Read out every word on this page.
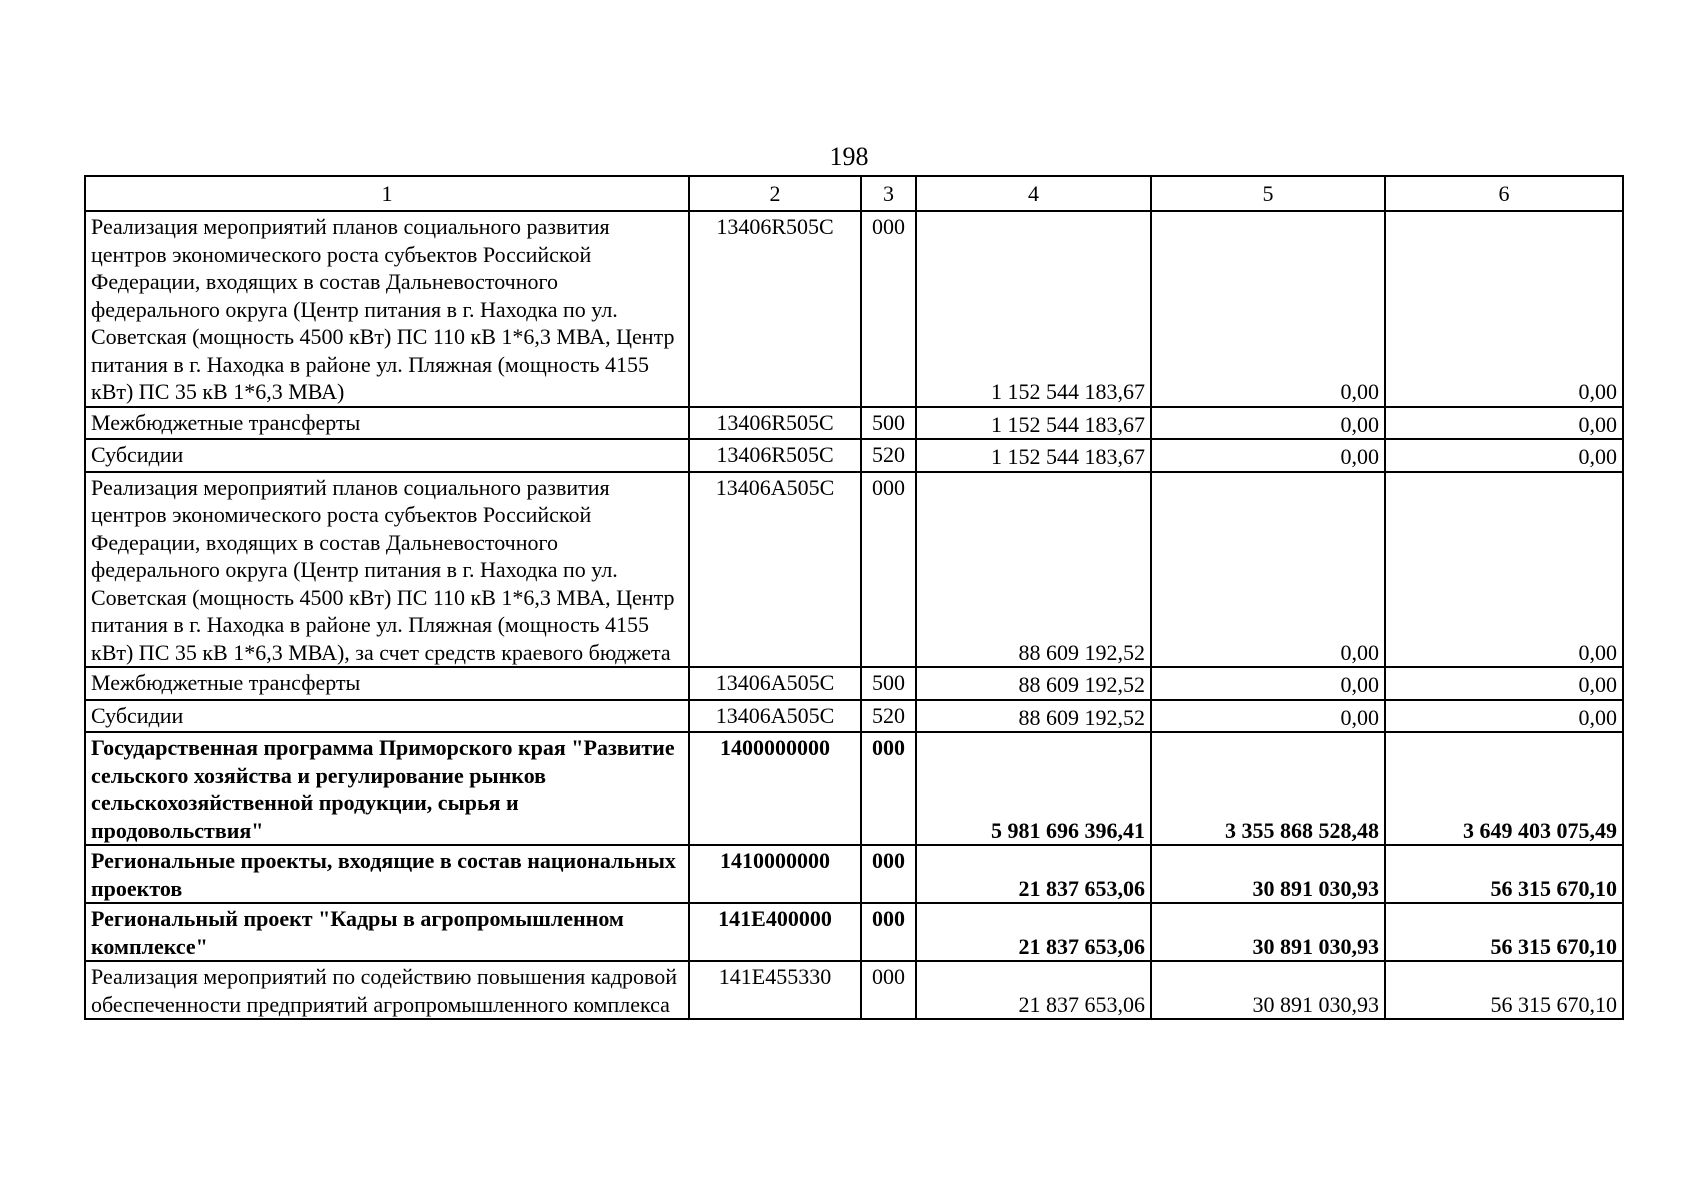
198
1	2	3	4	5	6
Реализация мероприятий планов социального развития центров экономического роста субъектов Российской Федерации, входящих в состав Дальневосточного федерального округа (Центр питания в г. Находка по ул. Советская (мощность 4500 кВт) ПС 110 кВ 1*6,3 МВА, Центр питания в г. Находка в районе ул. Пляжная (мощность 4155 кВт) ПС 35 кВ 1*6,3 МВА)	13406R505C	000	1 152 544 183,67	0,00	0,00
Межбюджетные трансферты	13406R505C	500	1 152 544 183,67	0,00	0,00
Субсидии	13406R505C	520	1 152 544 183,67	0,00	0,00
Реализация мероприятий планов социального развития центров экономического роста субъектов Российской Федерации, входящих в состав Дальневосточного федерального округа (Центр питания в г. Находка по ул. Советская (мощность 4500 кВт) ПС 110 кВ 1*6,3 МВА, Центр питания в г. Находка в районе ул. Пляжная (мощность 4155 кВт) ПС 35 кВ 1*6,3 МВА), за счет средств краевого бюджета	13406А505С	000	88 609 192,52	0,00	0,00
Межбюджетные трансферты	13406А505С	500	88 609 192,52	0,00	0,00
Субсидии	13406А505С	520	88 609 192,52	0,00	0,00
Государственная программа Приморского края "Развитие сельского хозяйства и регулирование рынков сельскохозяйственной продукции, сырья и продовольствия"	1400000000	000	5 981 696 396,41	3 355 868 528,48	3 649 403 075,49
Региональные проекты, входящие в состав национальных проектов	1410000000	000	21 837 653,06	30 891 030,93	56 315 670,10
Региональный проект "Кадры в агропромышленном комплексе"	141Е400000	000	21 837 653,06	30 891 030,93	56 315 670,10
Реализация мероприятий по содействию повышения кадровой обеспеченности предприятий агропромышленного комплекса	141Е455330	000	21 837 653,06	30 891 030,93	56 315 670,10
